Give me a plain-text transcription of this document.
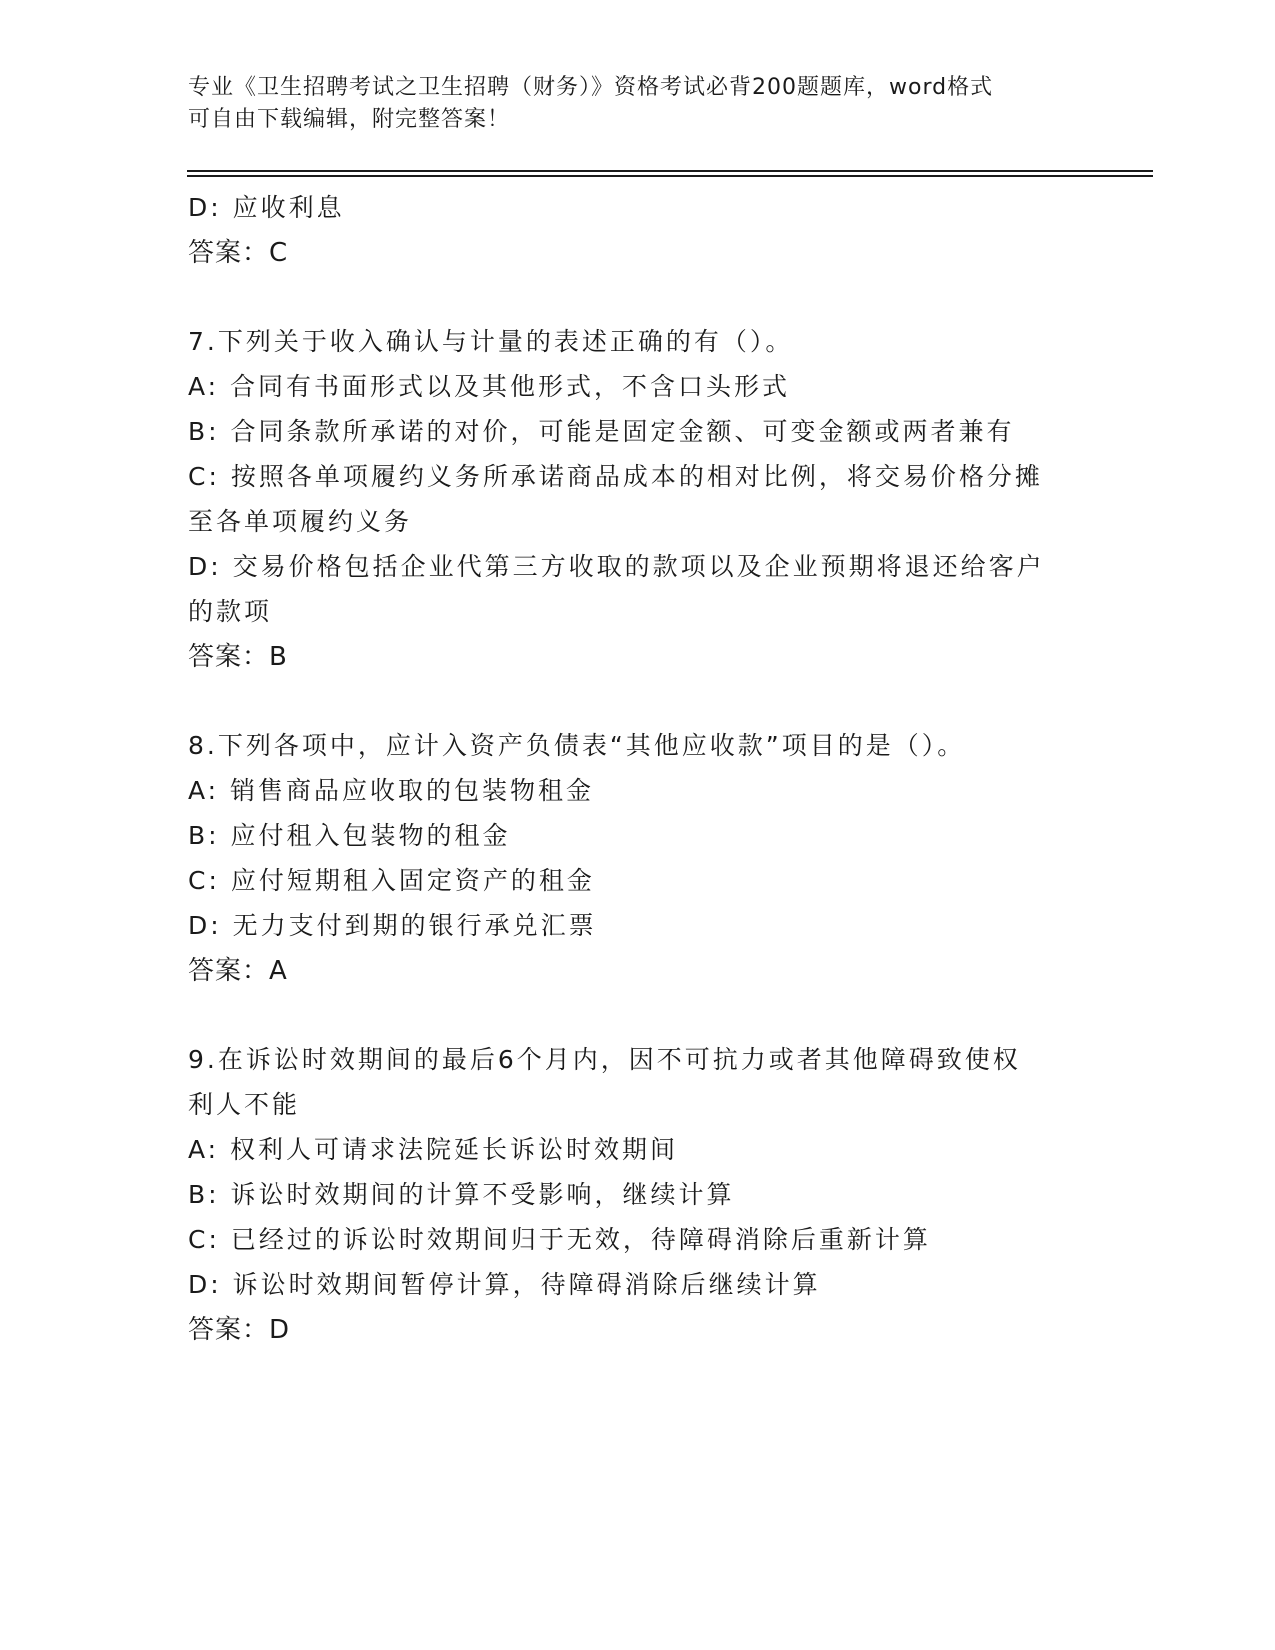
专业《卫生招聘考试之卫生招聘（财务）》资格考试必背200题题库，word格式
可自由下载编辑，附完整答案！
D: 应收利息
答案：C
7.下列关于收入确认与计量的表述正确的有（）。
A: 合同有书面形式以及其他形式，不含口头形式
B: 合同条款所承诺的对价，可能是固定金额、可变金额或两者兼有
C: 按照各单项履约义务所承诺商品成本的相对比例，将交易价格分摊
至各单项履约义务
D: 交易价格包括企业代第三方收取的款项以及企业预期将退还给客户
的款项
答案：B
8.下列各项中，应计入资产负债表“其他应收款”项目的是（）。
A: 销售商品应收取的包装物租金
B: 应付租入包装物的租金
C: 应付短期租入固定资产的租金
D: 无力支付到期的银行承兑汇票
答案：A
9.在诉讼时效期间的最后6个月内，因不可抗力或者其他障碍致使权
利人不能
A: 权利人可请求法院延长诉讼时效期间
B: 诉讼时效期间的计算不受影响，继续计算
C: 已经过的诉讼时效期间归于无效，待障碍消除后重新计算
D: 诉讼时效期间暂停计算，待障碍消除后继续计算
答案：D
